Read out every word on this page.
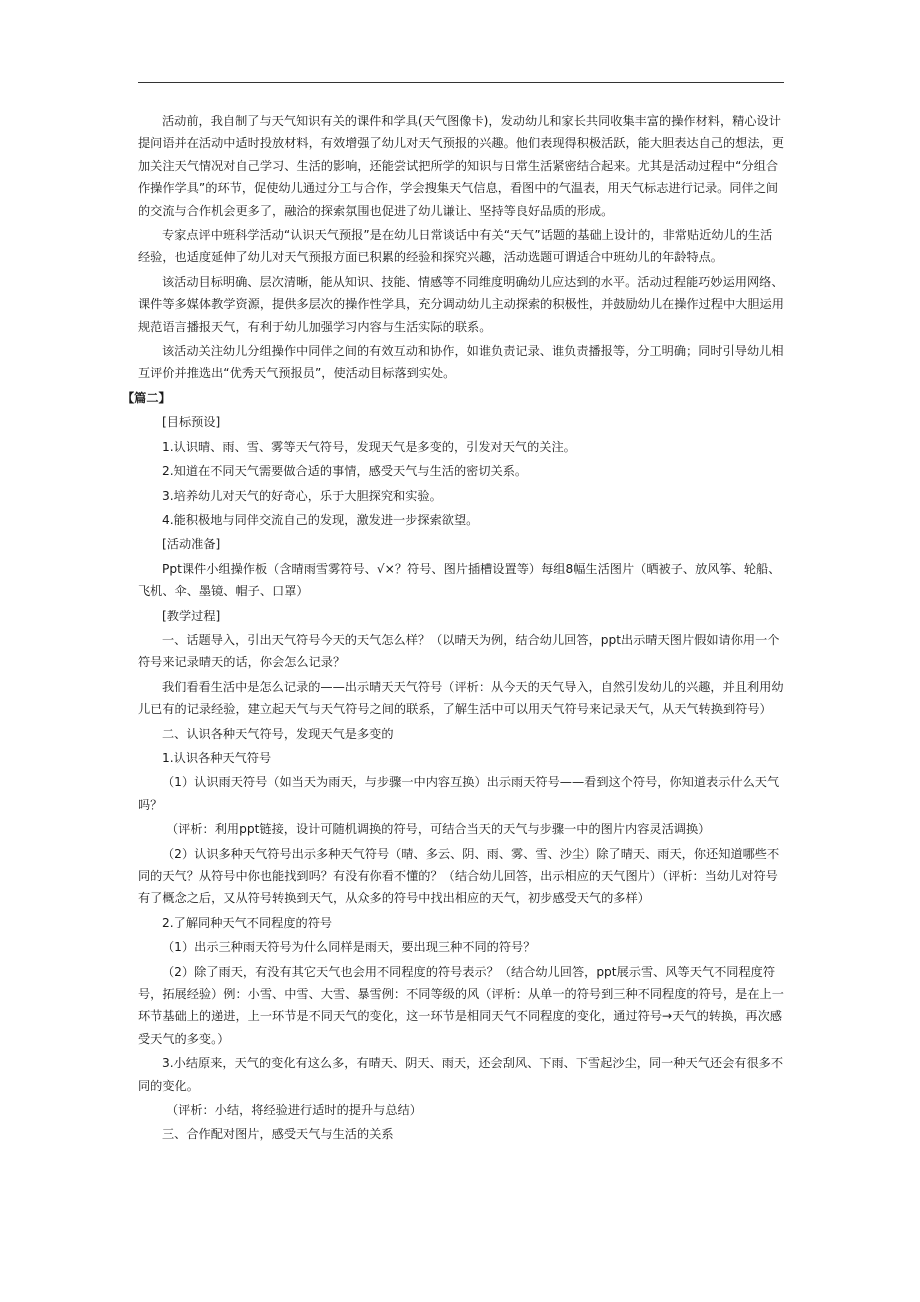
活动前，我自制了与天气知识有关的课件和学具(天气图像卡)，发动幼儿和家长共同收集丰富的操作材料，精心设计提问语并在活动中适时投放材料，有效增强了幼儿对天气预报的兴趣。他们表现得积极活跃，能大胆表达自己的想法，更加关注天气情况对自己学习、生活的影响，还能尝试把所学的知识与日常生活紧密结合起来。尤其是活动过程中“分组合作操作学具”的环节，促使幼儿通过分工与合作，学会搜集天气信息，看图中的气温表，用天气标志进行记录。同伴之间的交流与合作机会更多了，融洽的探索氛围也促进了幼儿谦让、坚持等良好品质的形成。

专家点评中班科学活动“认识天气预报”是在幼儿日常谈话中有关“天气”话题的基础上设计的，非常贴近幼儿的生活经验，也适度延伸了幼儿对天气预报方面已积累的经验和探究兴趣，活动选题可谓适合中班幼儿的年龄特点。

该活动目标明确、层次清晰，能从知识、技能、情感等不同维度明确幼儿应达到的水平。活动过程能巧妙运用网络、课件等多媒体教学资源，提供多层次的操作性学具，充分调动幼儿主动探索的积极性，并鼓励幼儿在操作过程中大胆运用规范语言播报天气，有利于幼儿加强学习内容与生活实际的联系。

该活动关注幼儿分组操作中同伴之间的有效互动和协作，如谁负责记录、谁负责播报等，分工明确；同时引导幼儿相互评价并推选出“优秀天气预报员”，使活动目标落到实处。

【篇二】

[目标预设]

1.认识晴、雨、雪、雾等天气符号，发现天气是多变的，引发对天气的关注。

2.知道在不同天气需要做合适的事情，感受天气与生活的密切关系。

3.培养幼儿对天气的好奇心，乐于大胆探究和实验。

4.能积极地与同伴交流自己的发现，激发进一步探索欲望。

[活动准备]

Ppt课件小组操作板（含晴雨雪雾符号、√×？符号、图片插槽设置等）每组8幅生活图片（晒被子、放风筝、轮船、飞机、伞、墨镜、帽子、口罩）

[教学过程]

一、话题导入，引出天气符号今天的天气怎么样？（以晴天为例，结合幼儿回答，ppt出示晴天图片假如请你用一个符号来记录晴天的话，你会怎么记录？

我们看看生活中是怎么记录的——出示晴天天气符号（评析：从今天的天气导入，自然引发幼儿的兴趣，并且利用幼儿已有的记录经验，建立起天气与天气符号之间的联系，了解生活中可以用天气符号来记录天气，从天气转换到符号）

二、认识各种天气符号，发现天气是多变的

1.认识各种天气符号

（1）认识雨天符号（如当天为雨天，与步骤一中内容互换）出示雨天符号——看到这个符号，你知道表示什么天气吗？

（评析：利用ppt链接，设计可随机调换的符号，可结合当天的天气与步骤一中的图片内容灵活调换）

（2）认识多种天气符号出示多种天气符号（晴、多云、阴、雨、雾、雪、沙尘）除了晴天、雨天，你还知道哪些不同的天气？从符号中你也能找到吗？有没有你看不懂的？（结合幼儿回答，出示相应的天气图片）（评析：当幼儿对符号有了概念之后，又从符号转换到天气，从众多的符号中找出相应的天气，初步感受天气的多样）

2.了解同种天气不同程度的符号

（1）出示三种雨天符号为什么同样是雨天，要出现三种不同的符号？

（2）除了雨天，有没有其它天气也会用不同程度的符号表示？（结合幼儿回答，ppt展示雪、风等天气不同程度符号，拓展经验）例：小雪、中雪、大雪、暴雪例：不同等级的风（评析：从单一的符号到三种不同程度的符号，是在上一环节基础上的递进，上一环节是不同天气的变化，这一环节是相同天气不同程度的变化，通过符号→天气的转换，再次感受天气的多变。）

3.小结原来，天气的变化有这么多，有晴天、阴天、雨天，还会刮风、下雨、下雪起沙尘，同一种天气还会有很多不同的变化。

（评析：小结，将经验进行适时的提升与总结）

三、合作配对图片，感受天气与生活的关系
